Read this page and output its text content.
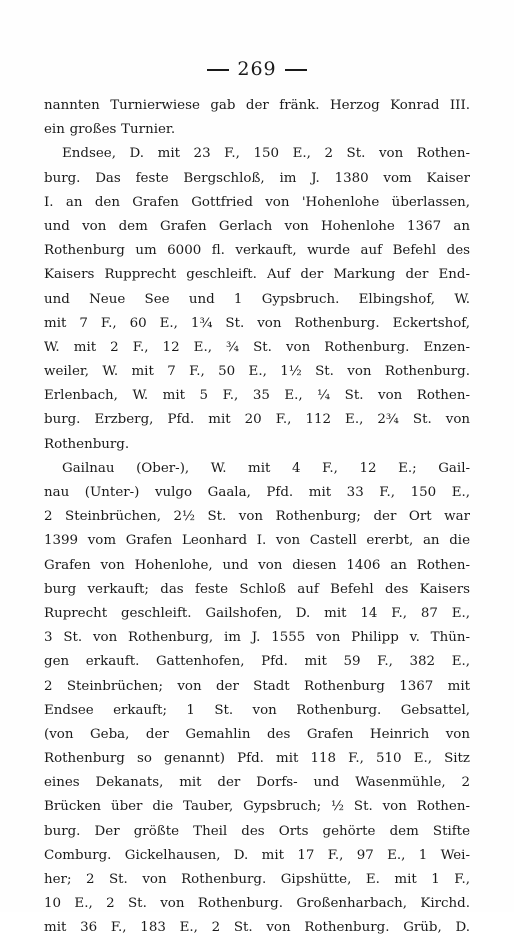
269
nannten Turnierwiese gab der fränk. Herzog Konrad III.
ein großes Turnier.
Endsee, D. mit 23 F., 150 E., 2 St. von Rothen-
burg. Das feste Bergschloß, im J. 1380 vom Kaiser
I. an den Grafen Gottfried von 'Hohenlohe überlassen,
und von dem Grafen Gerlach von Hohenlohe 1367 an
Rothenburg um 6000 fl. verkauft, wurde auf Befehl des
Kaisers Rupprecht geschleift. Auf der Markung der End-
und Neue See und 1 Gypsbruch. Elbingshof, W.
mit 7 F., 60 E., 1¾ St. von Rothenburg. Eckertshof,
W. mit 2 F., 12 E., ¾ St. von Rothenburg. Enzen-
weiler, W. mit 7 F., 50 E., 1½ St. von Rothenburg.
Erlenbach, W. mit 5 F., 35 E., ¼ St. von Rothen-
burg. Erzberg, Pfd. mit 20 F., 112 E., 2¾ St. von
Rothenburg.
Gailnau (Ober-), W. mit 4 F., 12 E.; Gail-
nau (Unter-) vulgo Gaala, Pfd. mit 33 F., 150 E.,
2 Steinbrüchen, 2½ St. von Rothenburg; der Ort war
1399 vom Grafen Leonhard I. von Castell ererbt, an die
Grafen von Hohenlohe, und von diesen 1406 an Rothen-
burg verkauft; das feste Schloß auf Befehl des Kaisers
Ruprecht geschleift. Gailshofen, D. mit 14 F., 87 E.,
3 St. von Rothenburg, im J. 1555 von Philipp v. Thün-
gen erkauft. Gattenhofen, Pfd. mit 59 F., 382 E.,
2 Steinbrüchen; von der Stadt Rothenburg 1367 mit
Endsee erkauft; 1 St. von Rothenburg. Gebsattel,
(von Geba, der Gemahlin des Grafen Heinrich von
Rothenburg so genannt) Pfd. mit 118 F., 510 E., Sitz
eines Dekanats, mit der Dorfs- und Wasenmühle, 2
Brücken über die Tauber, Gypsbruch; ½ St. von Rothen-
burg. Der größte Theil des Orts gehörte dem Stifte
Comburg. Gickelhausen, D. mit 17 F., 97 E., 1 Wei-
her; 2 St. von Rothenburg. Gipshütte, E. mit 1 F.,
10 E., 2 St. von Rothenburg. Großenharbach, Kirchd.
mit 36 F., 183 E., 2 St. von Rothenburg. Grüb, D.
